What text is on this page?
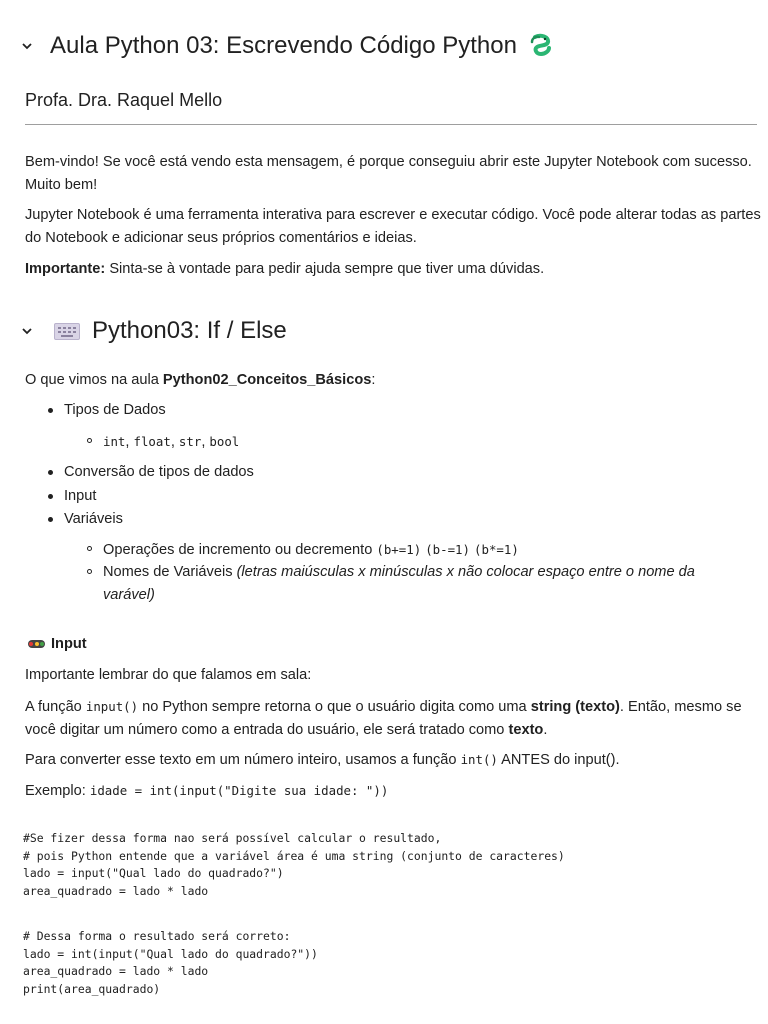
Aula Python 03: Escrevendo Código Python
Profa. Dra. Raquel Mello
Bem-vindo! Se você está vendo esta mensagem, é porque conseguiu abrir este Jupyter Notebook com sucesso. Muito bem!
Jupyter Notebook é uma ferramenta interativa para escrever e executar código. Você pode alterar todas as partes do Notebook e adicionar seus próprios comentários e ideias.
Importante: Sinta-se à vontade para pedir ajuda sempre que tiver uma dúvidas.
Python03: If / Else
O que vimos na aula Python02_Conceitos_Básicos:
Tipos de Dados
int, float, str, bool
Conversão de tipos de dados
Input
Variáveis
Operações de incremento ou decremento (b+=1) (b-=1) (b*=1)
Nomes de Variáveis (letras maiúsculas x minúsculas x não colocar espaço entre o nome da varável)
Input
Importante lembrar do que falamos em sala:
A função input() no Python sempre retorna o que o usuário digita como uma string (texto). Então, mesmo se você digitar um número como a entrada do usuário, ele será tratado como texto.
Para converter esse texto em um número inteiro, usamos a função int() ANTES do input().
Exemplo: idade = int(input("Digite sua idade: "))
#Se fizer dessa forma nao será possível calcular o resultado,
# pois Python entende que a variável área é uma string (conjunto de caracteres)
lado = input("Qual lado do quadrado?")
area_quadrado = lado * lado
# Dessa forma o resultado será correto:
lado = int(input("Qual lado do quadrado?"))
area_quadrado = lado * lado
print(area_quadrado)
